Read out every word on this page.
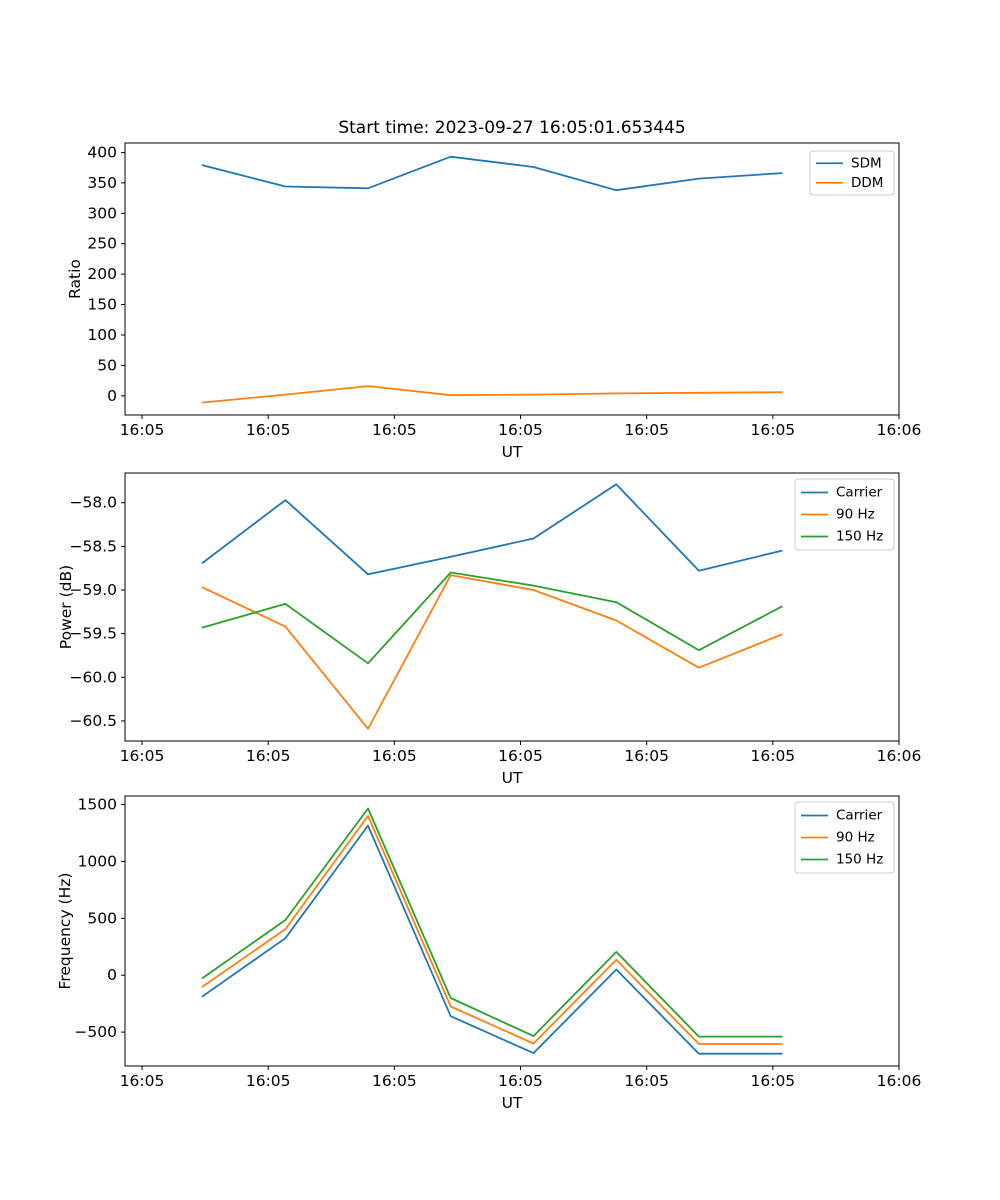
Start time: 2023-09-27 16:05:01.653445
16:05	16:05	16:05	16:05	16:05	16:05	16:06
0
50
100
150
200
250
300
350
400
UT
Ratio
SDM
DDM
16:05	16:05	16:05	16:05	16:05	16:05	16:06
−58.0
−58.5
−59.0
−59.5
−60.0
−60.5
UT
Power (dB)
Carrier
90 Hz
150 Hz
16:05	16:05	16:05	16:05	16:05	16:05	16:06
1500
1000
500
0
−500
UT
Frequency (Hz)
Carrier
90 Hz
150 Hz
